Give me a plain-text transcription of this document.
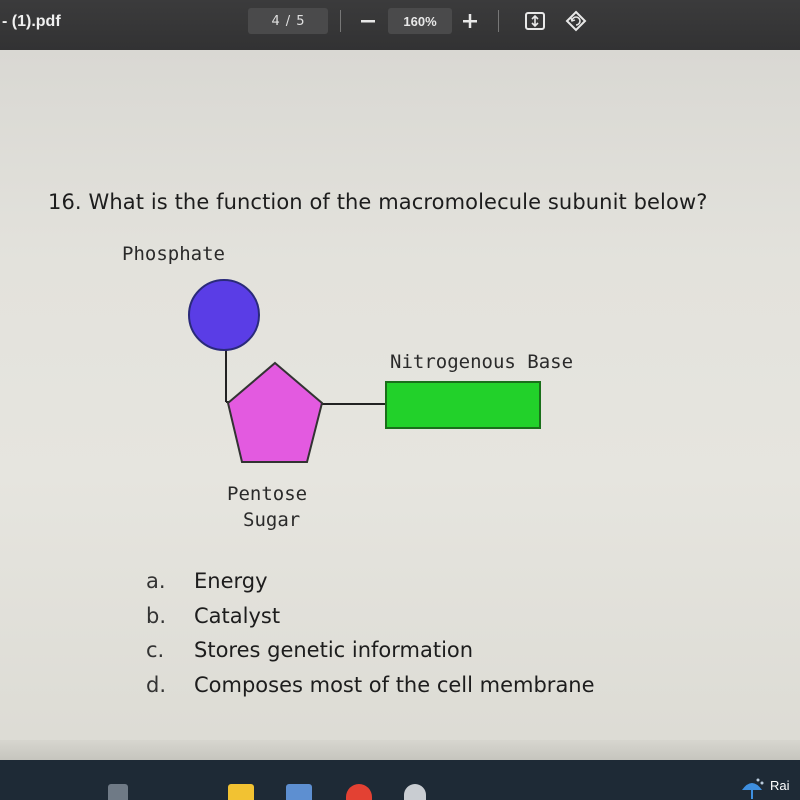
- (1).pdf	4 / 5	160%
16. What is the function of the macromolecule subunit below?
Phosphate
Nitrogenous Base
Pentose
Sugar
a.	Energy
b.	Catalyst
c.	Stores genetic information
d.	Composes most of the cell membrane
Rai
